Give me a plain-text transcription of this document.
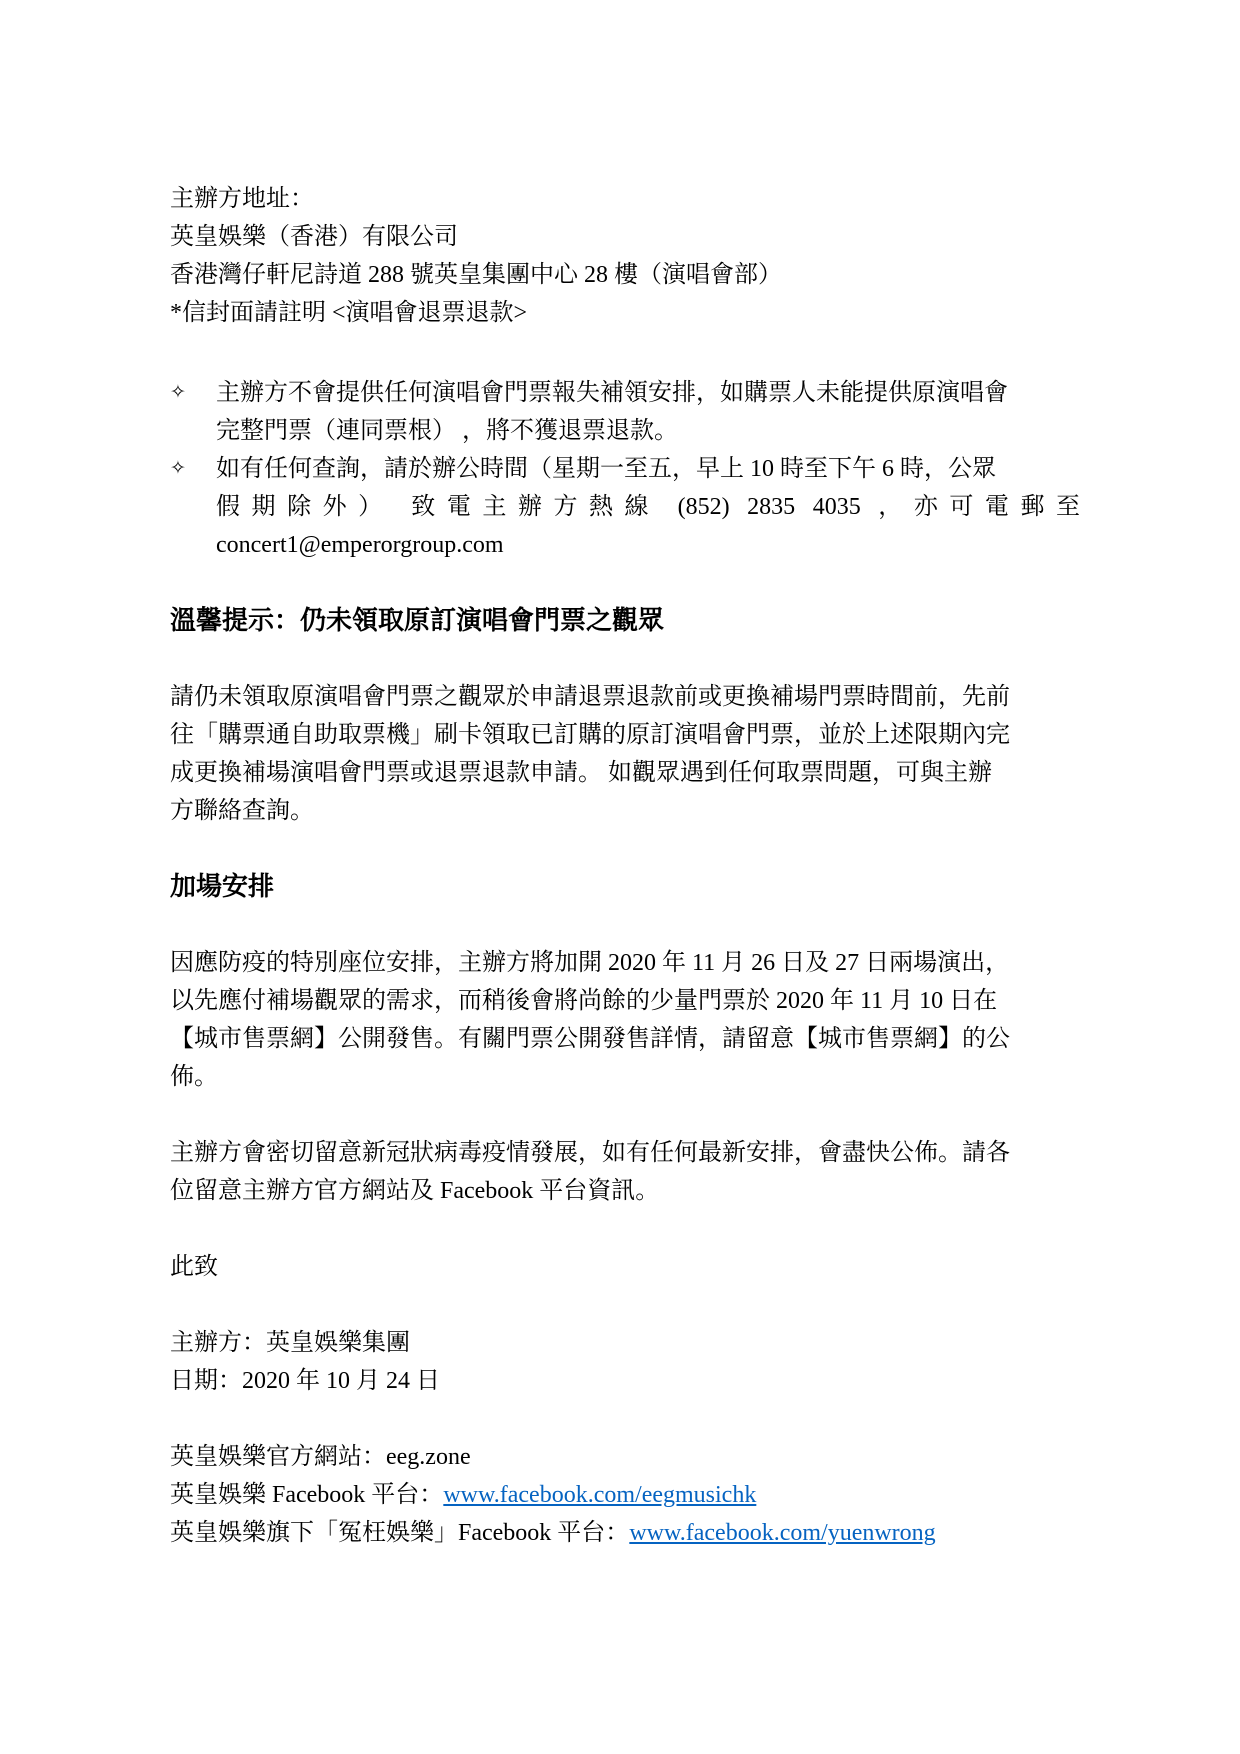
主辦方地址：
英皇娛樂（香港）有限公司
香港灣仔軒尼詩道 288 號英皇集團中心 28 樓（演唱會部）
*信封面請註明 <演唱會退票退款>
✧	主辦方不會提供任何演唱會門票報失補領安排，如購票人未能提供原演唱會
完整門票（連同票根） ，將不獲退票退款。
✧	如有任何查詢，請於辦公時間（星期一至五，早上 10 時至下午 6 時，公眾
假期除外） 致電主辦方熱線 (852) 2835 4035 ，亦可電郵至
concert1@emperorgroup.com
溫馨提示：仍未領取原訂演唱會門票之觀眾
請仍未領取原演唱會門票之觀眾於申請退票退款前或更換補場門票時間前，先前
往「購票通自助取票機」刷卡領取已訂購的原訂演唱會門票，並於上述限期內完
成更換補場演唱會門票或退票退款申請。 如觀眾遇到任何取票問題，可與主辦
方聯絡查詢。
加場安排
因應防疫的特別座位安排，主辦方將加開 2020 年 11 月 26 日及 27 日兩場演出，
以先應付補場觀眾的需求，而稍後會將尚餘的少量門票於 2020 年 11 月 10 日在
【城市售票網】公開發售。有關門票公開發售詳情，請留意【城市售票網】的公
佈。
主辦方會密切留意新冠狀病毒疫情發展，如有任何最新安排，會盡快公佈。請各
位留意主辦方官方網站及 Facebook 平台資訊。
此致
主辦方：英皇娛樂集團
日期：2020 年 10 月 24 日
英皇娛樂官方網站：eeg.zone
英皇娛樂 Facebook 平台：www.facebook.com/eegmusichk
英皇娛樂旗下「冤枉娛樂」Facebook 平台：www.facebook.com/yuenwrong
